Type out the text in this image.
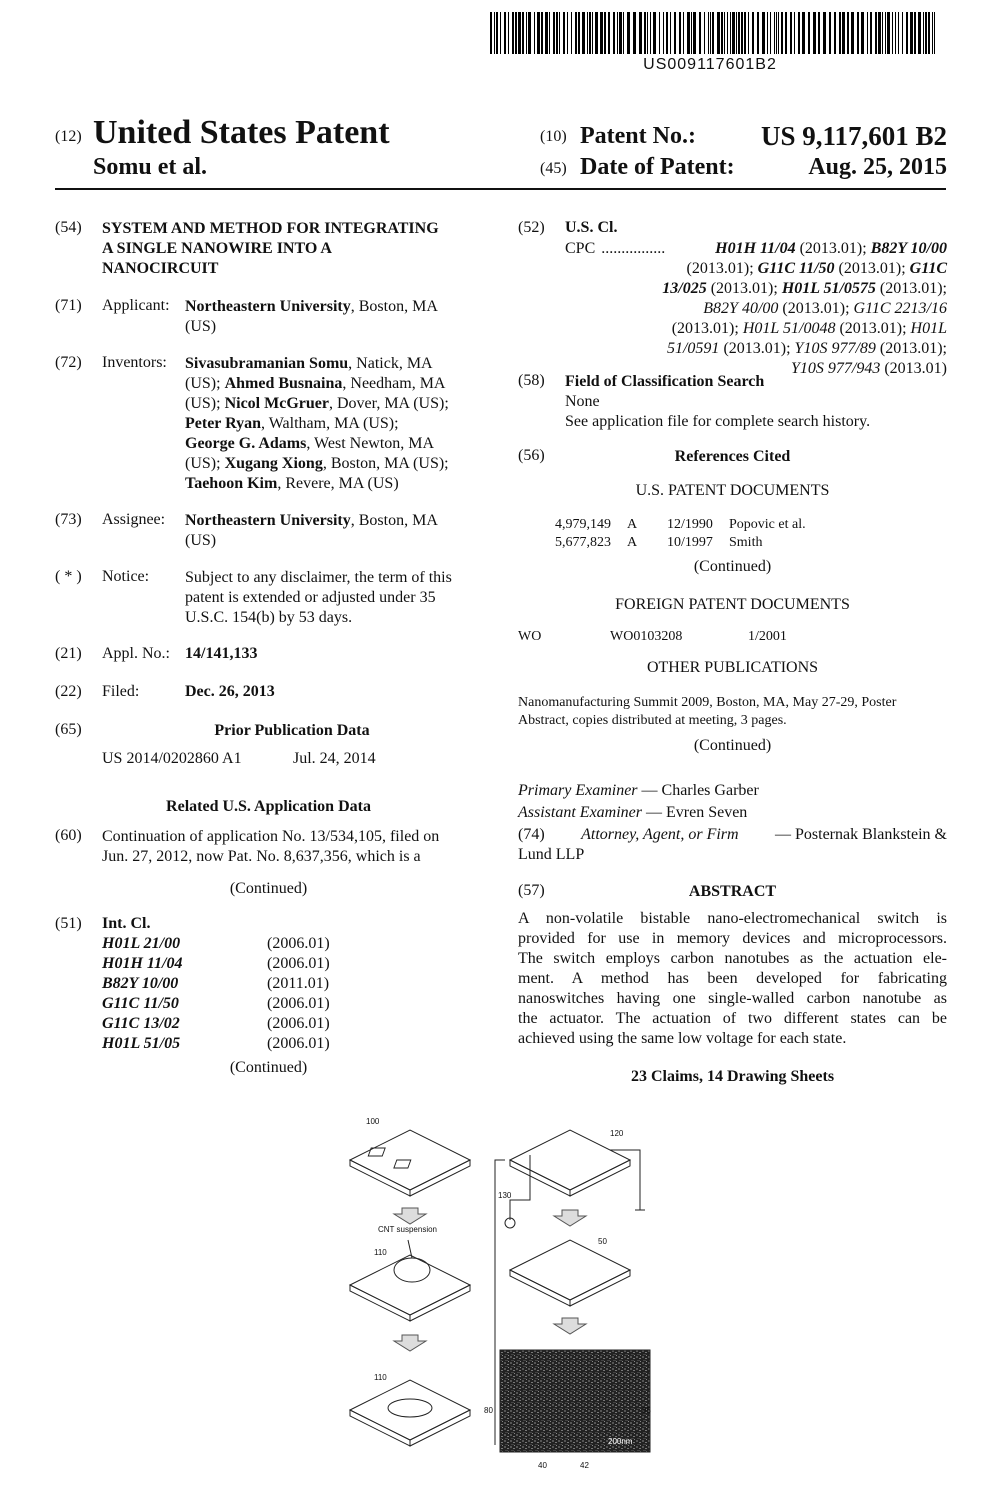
US009117601B2
(12) United States Patent
Somu et al.
(10) Patent No.:	US 9,117,601 B2
(45) Date of Patent:	Aug. 25, 2015
(54) SYSTEM AND METHOD FOR INTEGRATING
A SINGLE NANOWIRE INTO A
NANOCIRCUIT
(71) Applicant: Northeastern University, Boston, MA
(US)
(72) Inventors: Sivasubramanian Somu, Natick, MA
(US); Ahmed Busnaina, Needham, MA
(US); Nicol McGruer, Dover, MA (US);
Peter Ryan, Waltham, MA (US);
George G. Adams, West Newton, MA
(US); Xugang Xiong, Boston, MA (US);
Taehoon Kim, Revere, MA (US)
(73) Assignee: Northeastern University, Boston, MA
(US)
( * ) Notice: Subject to any disclaimer, the term of this
patent is extended or adjusted under 35
U.S.C. 154(b) by 53 days.
(21) Appl. No.: 14/141,133
(22) Filed:	Dec. 26, 2013
(65)	Prior Publication Data
US 2014/0202860 A1	Jul. 24, 2014
Related U.S. Application Data
(60) Continuation of application No. 13/534,105, filed on
Jun. 27, 2012, now Pat. No. 8,637,356, which is a
(Continued)
(51) Int. Cl.
H01L 21/00	(2006.01)
H01H 11/04	(2006.01)
B82Y 10/00	(2011.01)
G11C 11/50	(2006.01)
G11C 13/02	(2006.01)
H01L 51/05	(2006.01)
(Continued)
(52) U.S. Cl.
CPC ................	H01H 11/04 (2013.01); B82Y 10/00
(2013.01); G11C 11/50 (2013.01); G11C
13/025 (2013.01); H01L 51/0575 (2013.01);
B82Y 40/00 (2013.01); G11C 2213/16
(2013.01); H01L 51/0048 (2013.01); H01L
51/0591 (2013.01); Y10S 977/89 (2013.01);
Y10S 977/943 (2013.01)
(58) Field of Classification Search
None
See application file for complete search history.
(56)	References Cited
U.S. PATENT DOCUMENTS
4,979,149	A	12/1990	Popovic et al.
5,677,823	A	10/1997	Smith
(Continued)
FOREIGN PATENT DOCUMENTS
WO	WO0103208	1/2001
OTHER PUBLICATIONS
Nanomanufacturing Summit 2009, Boston, MA, May 27-29, Poster
Abstract, copies distributed at meeting, 3 pages.
(Continued)
Primary Examiner — Charles Garber
Assistant Examiner — Evren Seven
(74) Attorney, Agent, or Firm — Posternak Blankstein &
Lund LLP
(57)	ABSTRACT
A non-volatile bistable nano-electromechanical switch is
provided for use in memory devices and microprocessors.
The switch employs carbon nanotubes as the actuation ele-
ment. A method has been developed for fabricating
nanoswitches having one single-walled carbon nanotube as
the actuator. The actuation of two different states can be
achieved using the same low voltage for each state.
23 Claims, 14 Drawing Sheets
100
120
130
CNT suspension
110
50
110
80	85
40	42
200nm
